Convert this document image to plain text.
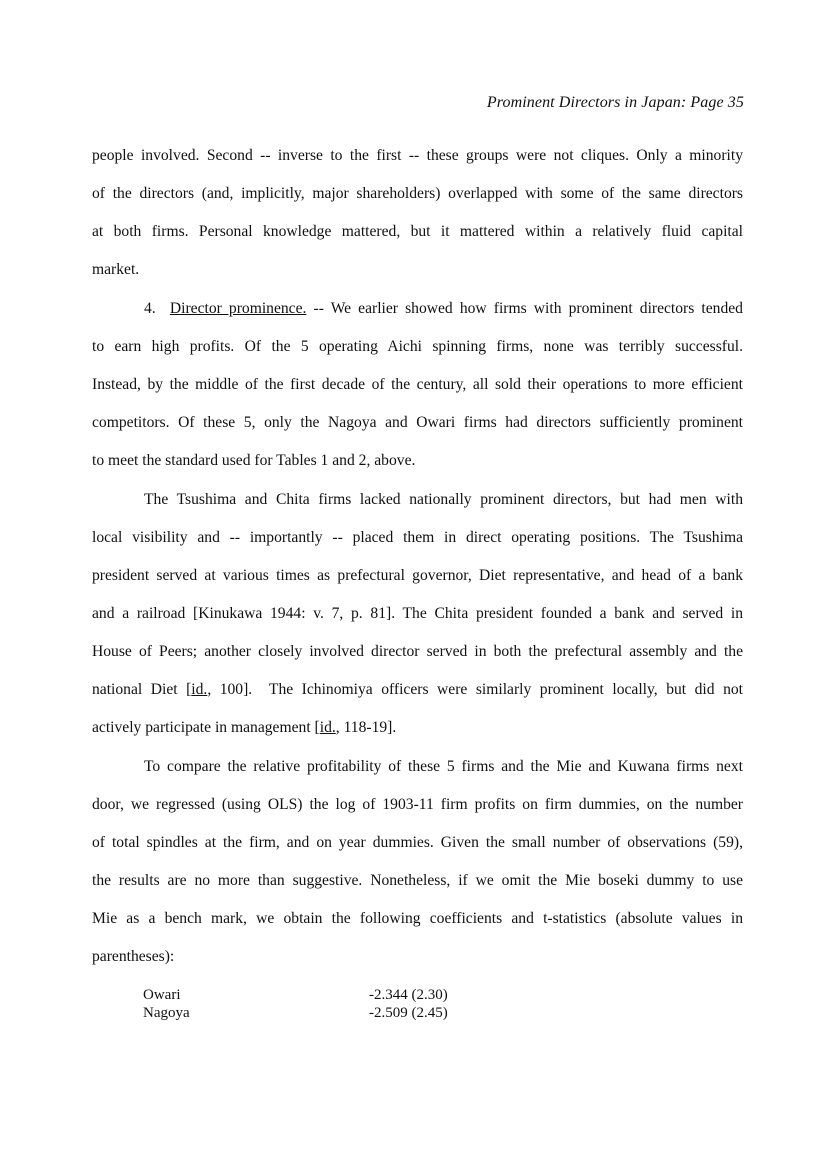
Prominent Directors in Japan: Page 35
people involved. Second -- inverse to the first -- these groups were not cliques. Only a minority
of the directors (and, implicitly, major shareholders) overlapped with some of the same directors
at both firms. Personal knowledge mattered, but it mattered within a relatively fluid capital
market.
4.  Director prominence. -- We earlier showed how firms with prominent directors tended
to earn high profits. Of the 5 operating Aichi spinning firms, none was terribly successful.
Instead, by the middle of the first decade of the century, all sold their operations to more efficient
competitors. Of these 5, only the Nagoya and Owari firms had directors sufficiently prominent
to meet the standard used for Tables 1 and 2, above.
The Tsushima and Chita firms lacked nationally prominent directors, but had men with
local visibility and -- importantly -- placed them in direct operating positions. The Tsushima
president served at various times as prefectural governor, Diet representative, and head of a bank
and a railroad [Kinukawa 1944: v. 7, p. 81]. The Chita president founded a bank and served in
House of Peers; another closely involved director served in both the prefectural assembly and the
national Diet [id., 100].  The Ichinomiya officers were similarly prominent locally, but did not
actively participate in management [id., 118-19].
To compare the relative profitability of these 5 firms and the Mie and Kuwana firms next
door, we regressed (using OLS) the log of 1903-11 firm profits on firm dummies, on the number
of total spindles at the firm, and on year dummies. Given the small number of observations (59),
the results are no more than suggestive. Nonetheless, if we omit the Mie boseki dummy to use
Mie as a bench mark, we obtain the following coefficients and t-statistics (absolute values in
parentheses):
Owari	-2.344 (2.30)
Nagoya	-2.509 (2.45)
